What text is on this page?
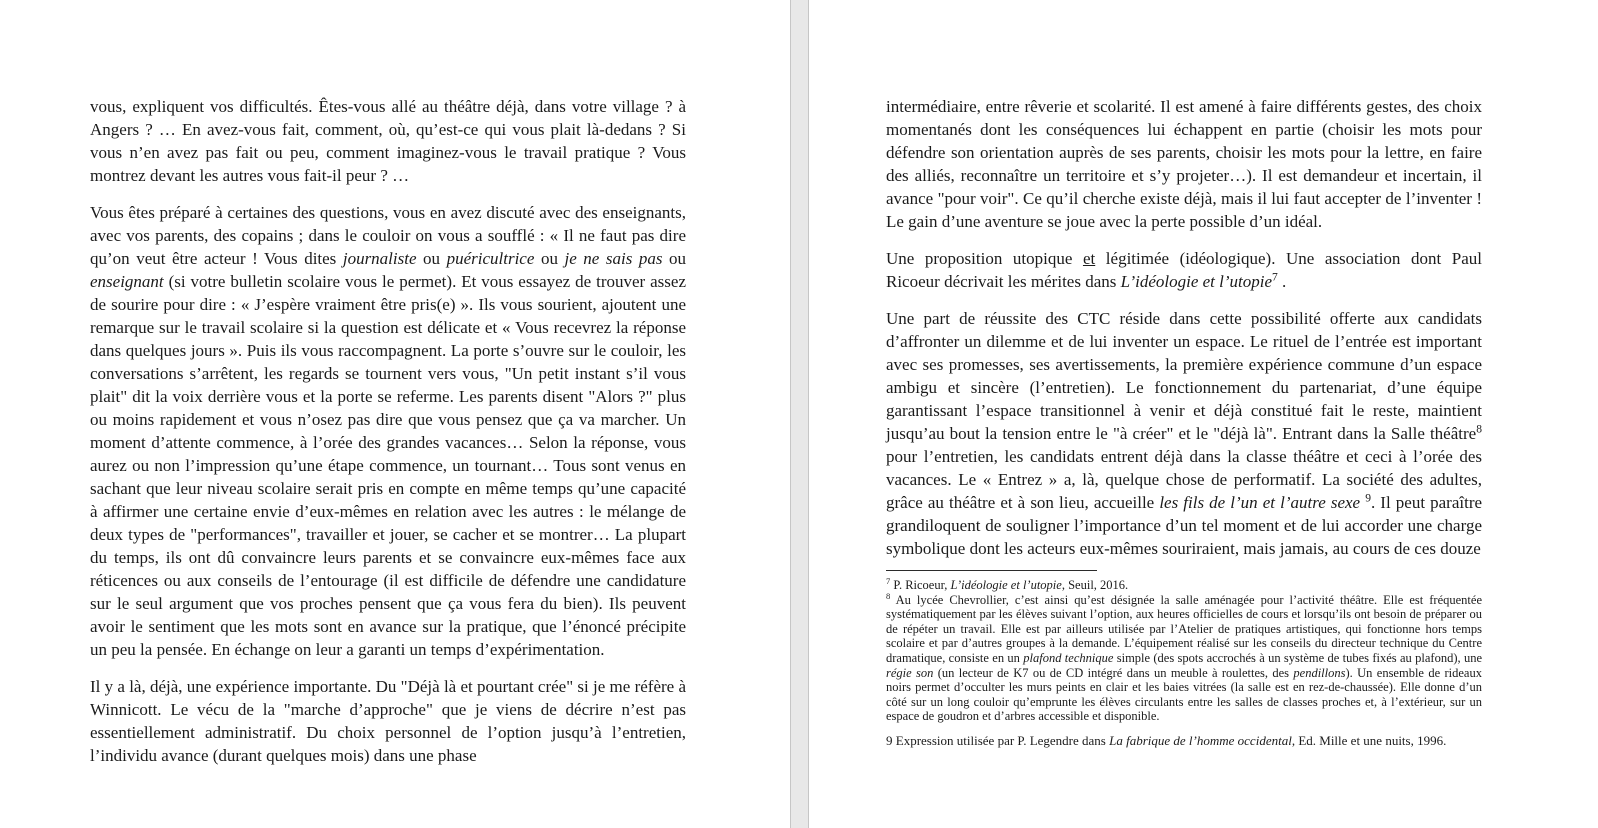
vous, expliquent vos difficultés. Êtes-vous allé au théâtre déjà, dans votre village ? à Angers ? … En avez-vous fait, comment, où, qu’est-ce qui vous plait là-dedans ? Si vous n’en avez pas fait ou peu, comment imaginez-vous le travail pratique ? Vous montrez devant les autres vous fait-il peur ? …

Vous êtes préparé à certaines des questions, vous en avez discuté avec des enseignants, avec vos parents, des copains ; dans le couloir on vous a soufflé : « Il ne faut pas dire qu’on veut être acteur ! Vous dites journaliste ou puéricultrice ou je ne sais pas ou enseignant (si votre bulletin scolaire vous le permet). Et vous essayez de trouver assez de sourire pour dire : « J’espère vraiment être pris(e) ». Ils vous sourient, ajoutent une remarque sur le travail scolaire si la question est délicate et « Vous recevrez la réponse dans quelques jours ». Puis ils vous raccompagnent. La porte s’ouvre sur le couloir, les conversations s’arrêtent, les regards se tournent vers vous, "Un petit instant s’il vous plait" dit la voix derrière vous et la porte se referme. Les parents disent "Alors ?" plus ou moins rapidement et vous n’osez pas dire que vous pensez que ça va marcher. Un moment d’attente commence, à l’orée des grandes vacances… Selon la réponse, vous aurez ou non l’impression qu’une étape commence, un tournant… Tous sont venus en sachant que leur niveau scolaire serait pris en compte en même temps qu’une capacité à affirmer une certaine envie d’eux-mêmes en relation avec les autres : le mélange de deux types de "performances", travailler et jouer, se cacher et se montrer… La plupart du temps, ils ont dû convaincre leurs parents et se convaincre eux-mêmes face aux réticences ou aux conseils de l’entourage (il est difficile de défendre une candidature sur le seul argument que vos proches pensent que ça vous fera du bien). Ils peuvent avoir le sentiment que les mots sont en avance sur la pratique, que l’énoncé précipite un peu la pensée. En échange on leur a garanti un temps d’expérimentation.

Il y a là, déjà, une expérience importante. Du "Déjà là et pourtant crée" si je me réfère à Winnicott. Le vécu de la "marche d’approche" que je viens de décrire n’est pas essentiellement administratif. Du choix personnel de l’option jusqu’à l’entretien, l’individu avance (durant quelques mois) dans une phase

intermédiaire, entre rêverie et scolarité. Il est amené à faire différents gestes, des choix momentanés dont les conséquences lui échappent en partie (choisir les mots pour défendre son orientation auprès de ses parents, choisir les mots pour la lettre, en faire des alliés, reconnaître un territoire et s’y projeter…). Il est demandeur et incertain, il avance "pour voir". Ce qu’il cherche existe déjà, mais il lui faut accepter de l’inventer ! Le gain d’une aventure se joue avec la perte possible d’un idéal.

Une proposition utopique et légitimée (idéologique). Une association dont Paul Ricoeur décrivait les mérites dans L’idéologie et l’utopie$^7$ .

Une part de réussite des CTC réside dans cette possibilité offerte aux candidats d’affronter un dilemme et de lui inventer un espace. Le rituel de l’entrée est important avec ses promesses, ses avertissements, la première expérience commune d’un espace ambigu et sincère (l’entretien). Le fonctionnement du partenariat, d’une équipe garantissant l’espace transitionnel à venir et déjà constitué fait le reste, maintient jusqu’au bout la tension entre le "à créer" et le "déjà là". Entrant dans la Salle théâtre$^8$ pour l’entretien, les candidats entrent déjà dans la classe théâtre et ceci à l’orée des vacances. Le « Entrez » a, là, quelque chose de performatif. La société des adultes, grâce au théâtre et à son lieu, accueille les fils de l’un et l’autre sexe $^9$. Il peut paraître grandiloquent de souligner l’importance d’un tel moment et de lui accorder une charge symbolique dont les acteurs eux-mêmes souriraient, mais jamais, au cours de ces douze

$^7$ P. Ricoeur, L’idéologie et l’utopie, Seuil, 2016.

$^8$ Au lycée Chevrollier, c’est ainsi qu’est désignée la salle aménagée pour l’activité théâtre. Elle est fréquentée systématiquement par les élèves suivant l’option, aux heures officielles de cours et lorsqu’ils ont besoin de préparer ou de répéter un travail. Elle est par ailleurs utilisée par l’Atelier de pratiques artistiques, qui fonctionne hors temps scolaire et par d’autres groupes à la demande. L’équipement réalisé sur les conseils du directeur technique du Centre dramatique, consiste en un plafond technique simple (des spots accrochés à un système de tubes fixés au plafond), une régie son (un lecteur de K7 ou de CD intégré dans un meuble à roulettes, des pendillons). Un ensemble de rideaux noirs permet d’occulter les murs peints en clair et les baies vitrées (la salle est en rez-de-chaussée). Elle donne d’un côté sur un long couloir qu’emprunte les élèves circulants entre les salles de classes proches et, à l’extérieur, sur un espace de goudron et d’arbres accessible et disponible.

9 Expression utilisée par P. Legendre dans La fabrique de l’homme occidental, Ed. Mille et une nuits, 1996.
